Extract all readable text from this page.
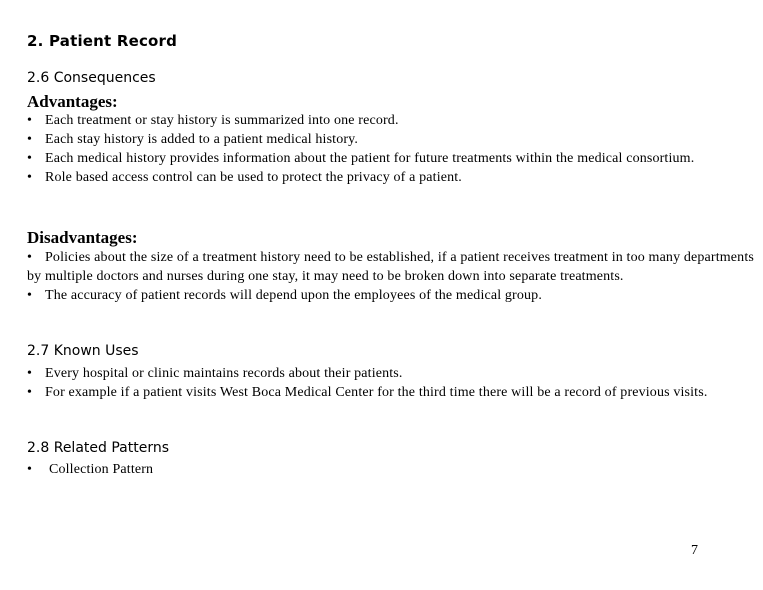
2. Patient Record
2.6 Consequences
Advantages:
• Each treatment or stay history is summarized into one record.
• Each stay history is added to a patient medical history.
• Each medical history provides information about the patient for future treatments within the medical consortium.
• Role based access control can be used to protect the privacy of a patient.
Disadvantages:
• Policies about the size of a treatment history need to be established, if a patient receives treatment in too many departments by multiple doctors and nurses during one stay, it may need to be broken down into separate treatments.
• The accuracy of patient records will depend upon the employees of the medical group.
2.7 Known Uses
• Every hospital or clinic maintains records about their patients.
• For example if a patient visits West Boca Medical Center for the third time there will be a record of previous visits.
2.8 Related Patterns
• Collection Pattern
7
